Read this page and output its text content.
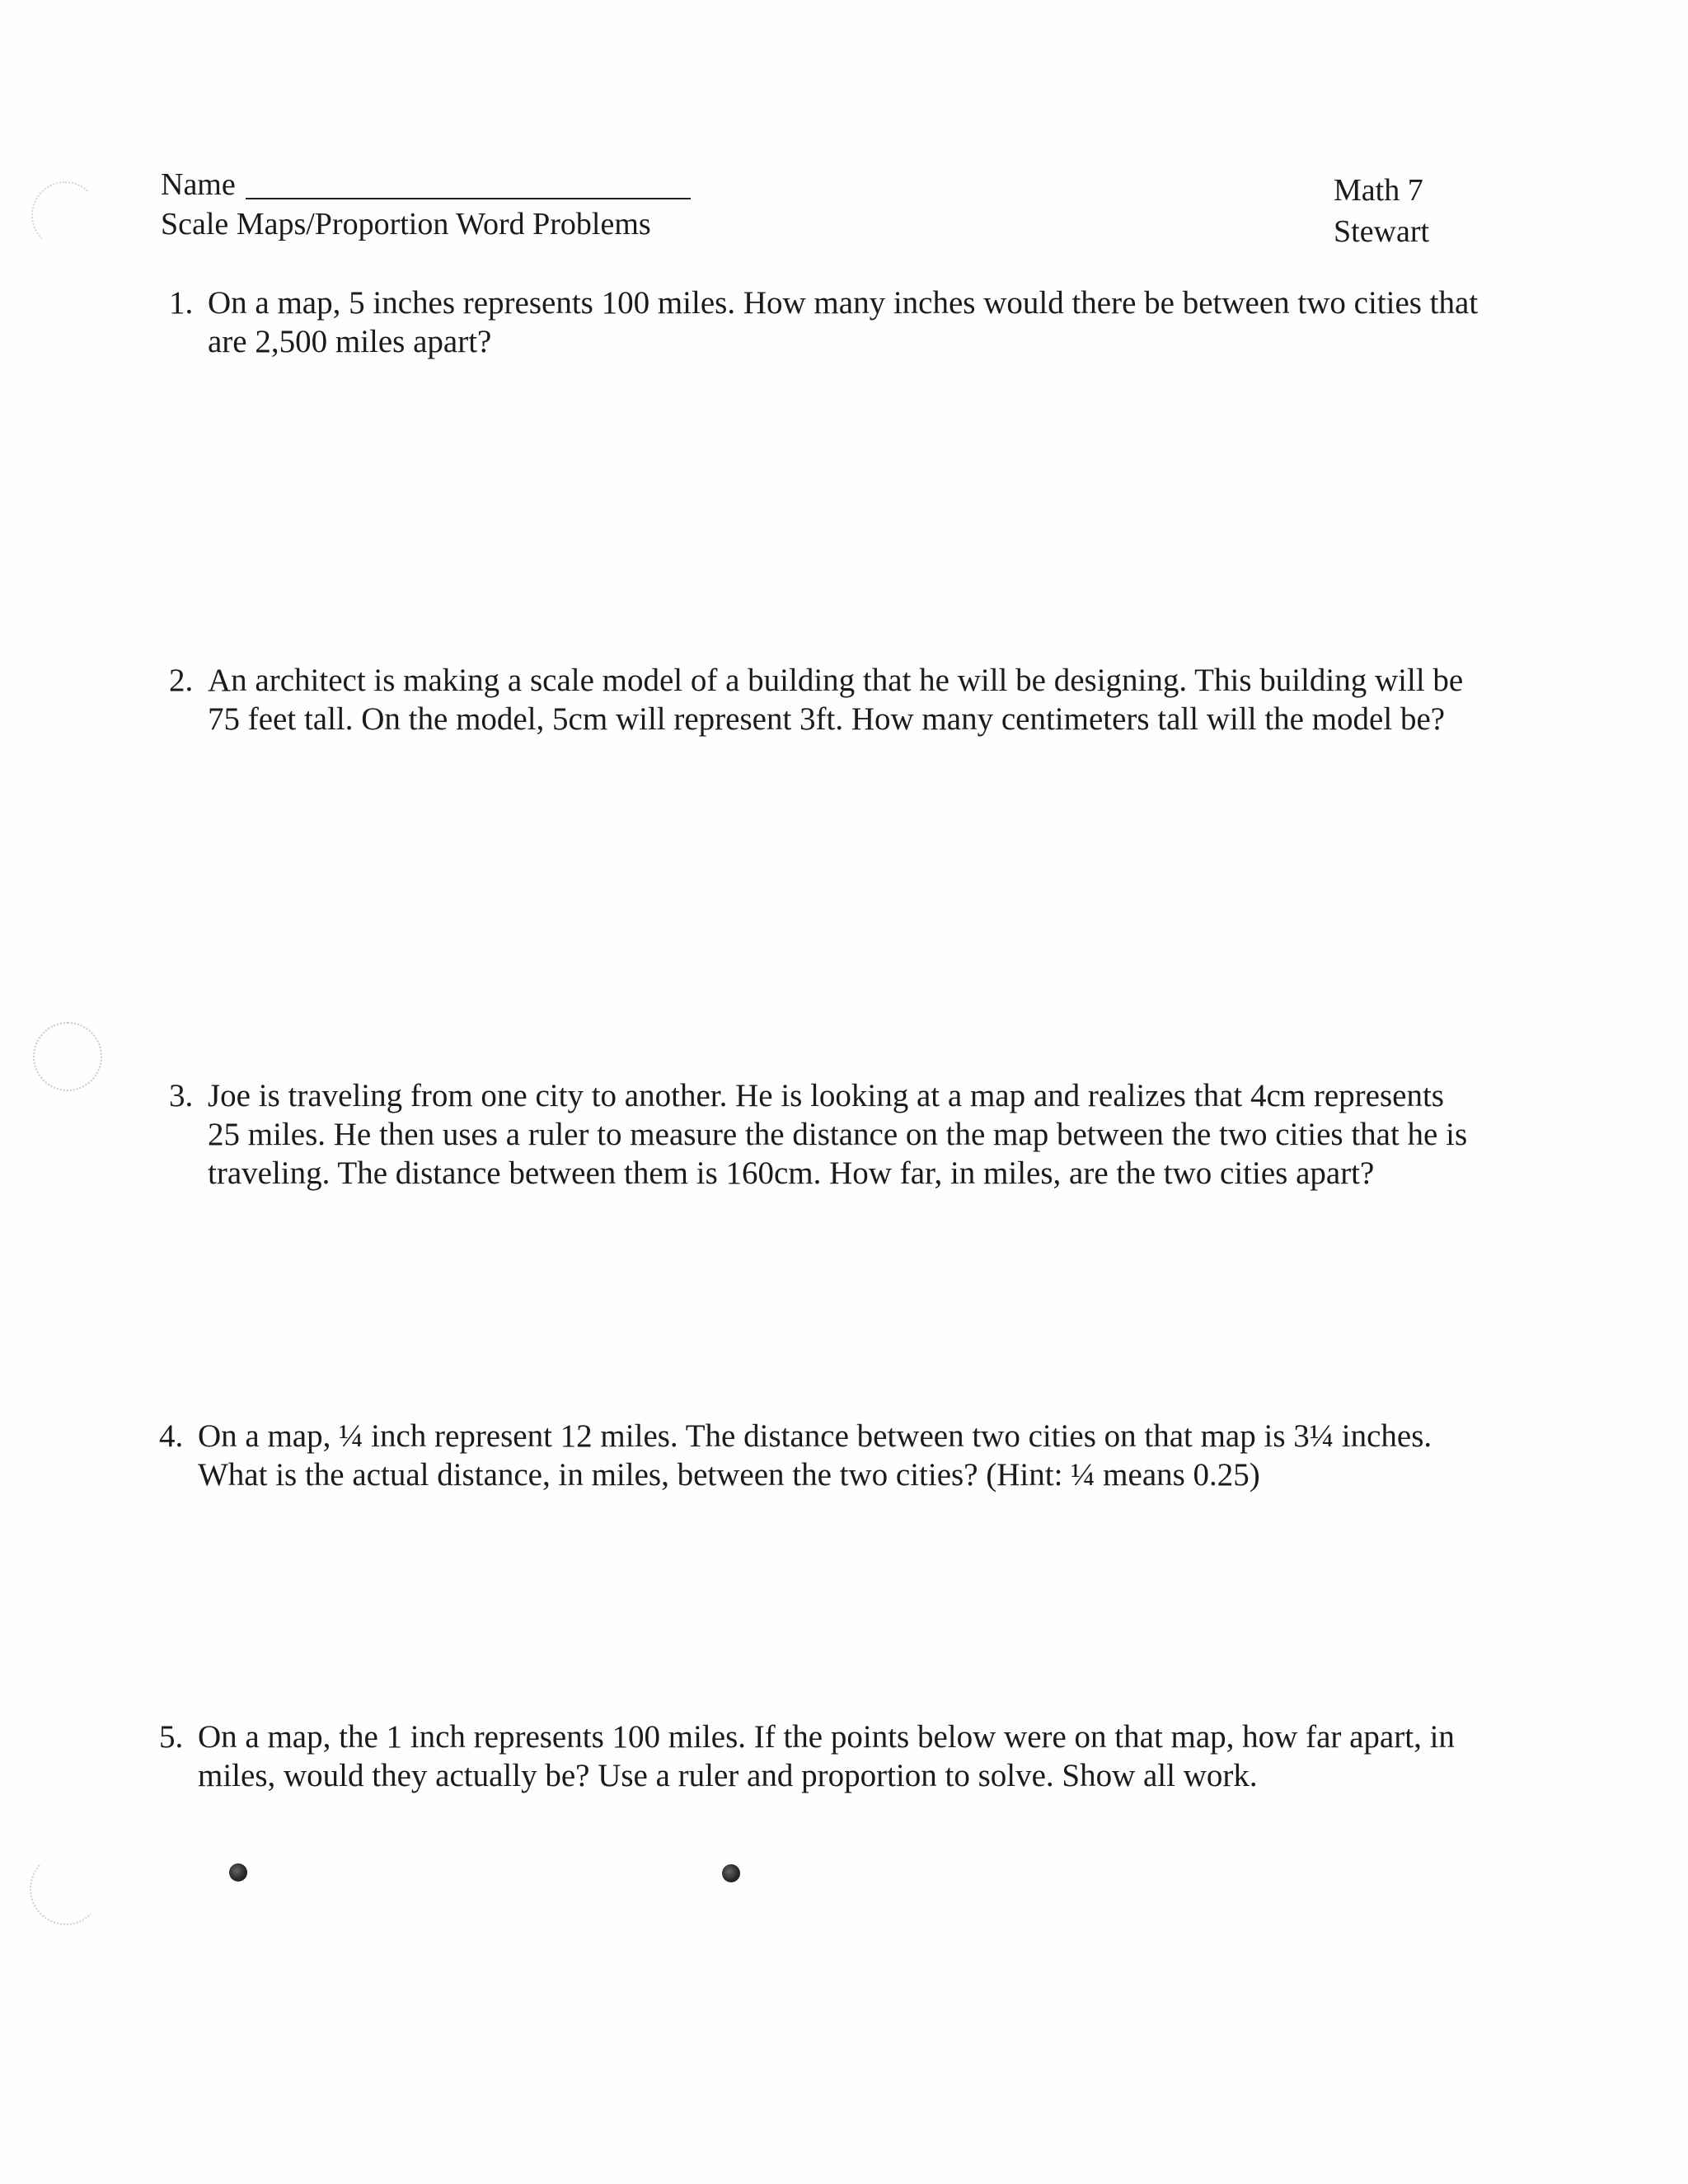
Name
Scale Maps/Proportion Word Problems
Math 7
Stewart
1. On a map, 5 inches represents 100 miles. How many inches would there be between two cities that are 2,500 miles apart?
2. An architect is making a scale model of a building that he will be designing. This building will be 75 feet tall. On the model, 5cm will represent 3ft. How many centimeters tall will the model be?
3. Joe is traveling from one city to another. He is looking at a map and realizes that 4cm represents 25 miles. He then uses a ruler to measure the distance on the map between the two cities that he is traveling. The distance between them is 160cm. How far, in miles, are the two cities apart?
4. On a map, ¼ inch represent 12 miles. The distance between two cities on that map is 3¼ inches. What is the actual distance, in miles, between the two cities? (Hint: ¼ means 0.25)
5. On a map, the 1 inch represents 100 miles. If the points below were on that map, how far apart, in miles, would they actually be? Use a ruler and proportion to solve. Show all work.
